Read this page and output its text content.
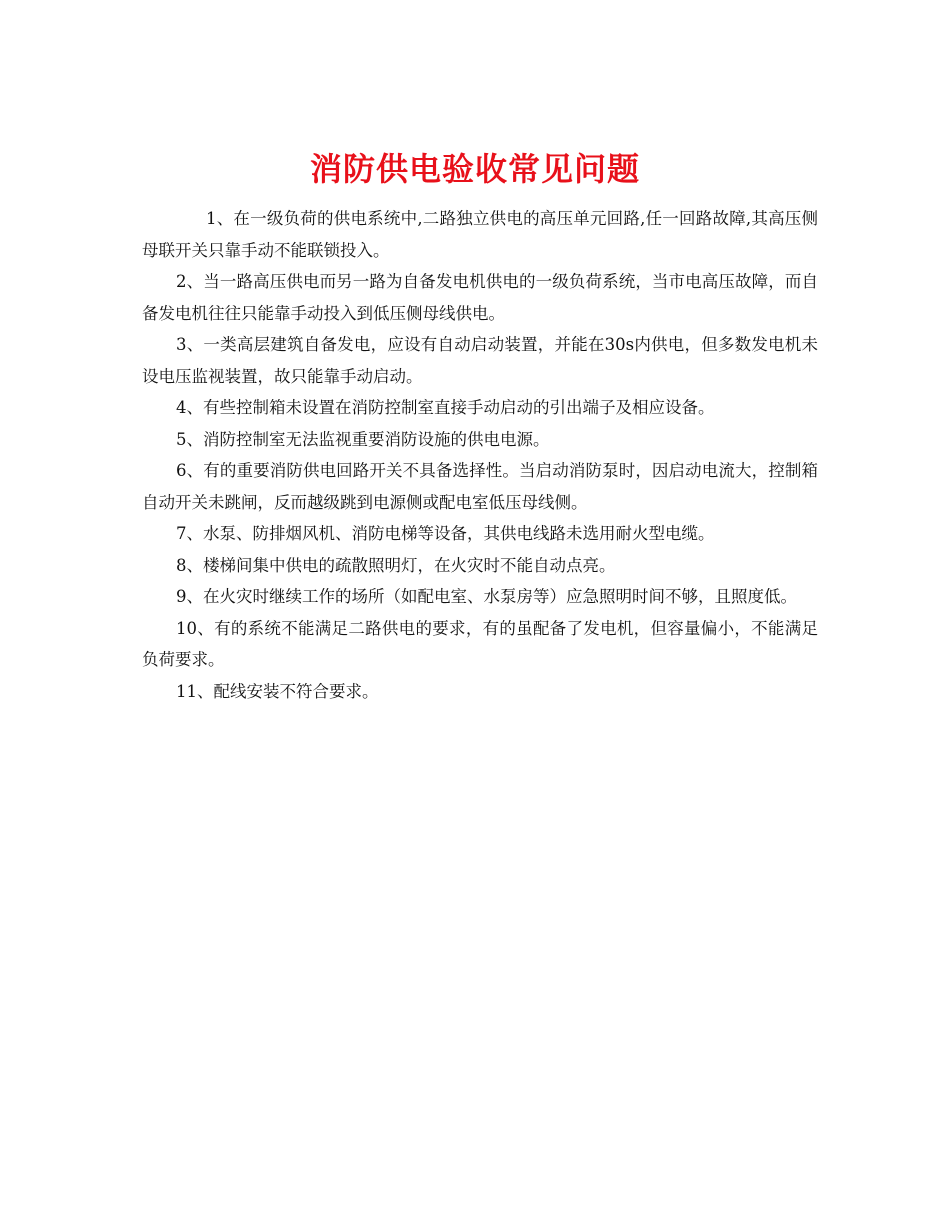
消防供电验收常见问题

1、在一级负荷的供电系统中,二路独立供电的高压单元回路,任一回路故障,其高压侧母联开关只靠手动不能联锁投入。

2、当一路高压供电而另一路为自备发电机供电的一级负荷系统，当市电高压故障，而自备发电机往往只能靠手动投入到低压侧母线供电。

3、一类高层建筑自备发电，应设有自动启动装置，并能在30s内供电，但多数发电机未设电压监视装置，故只能靠手动启动。

4、有些控制箱未设置在消防控制室直接手动启动的引出端子及相应设备。

5、消防控制室无法监视重要消防设施的供电电源。

6、有的重要消防供电回路开关不具备选择性。当启动消防泵时，因启动电流大，控制箱自动开关未跳闸，反而越级跳到电源侧或配电室低压母线侧。

7、水泵、防排烟风机、消防电梯等设备，其供电线路未选用耐火型电缆。

8、楼梯间集中供电的疏散照明灯，在火灾时不能自动点亮。

9、在火灾时继续工作的场所（如配电室、水泵房等）应急照明时间不够，且照度低。

10、有的系统不能满足二路供电的要求，有的虽配备了发电机，但容量偏小，不能满足负荷要求。

11、配线安装不符合要求。
